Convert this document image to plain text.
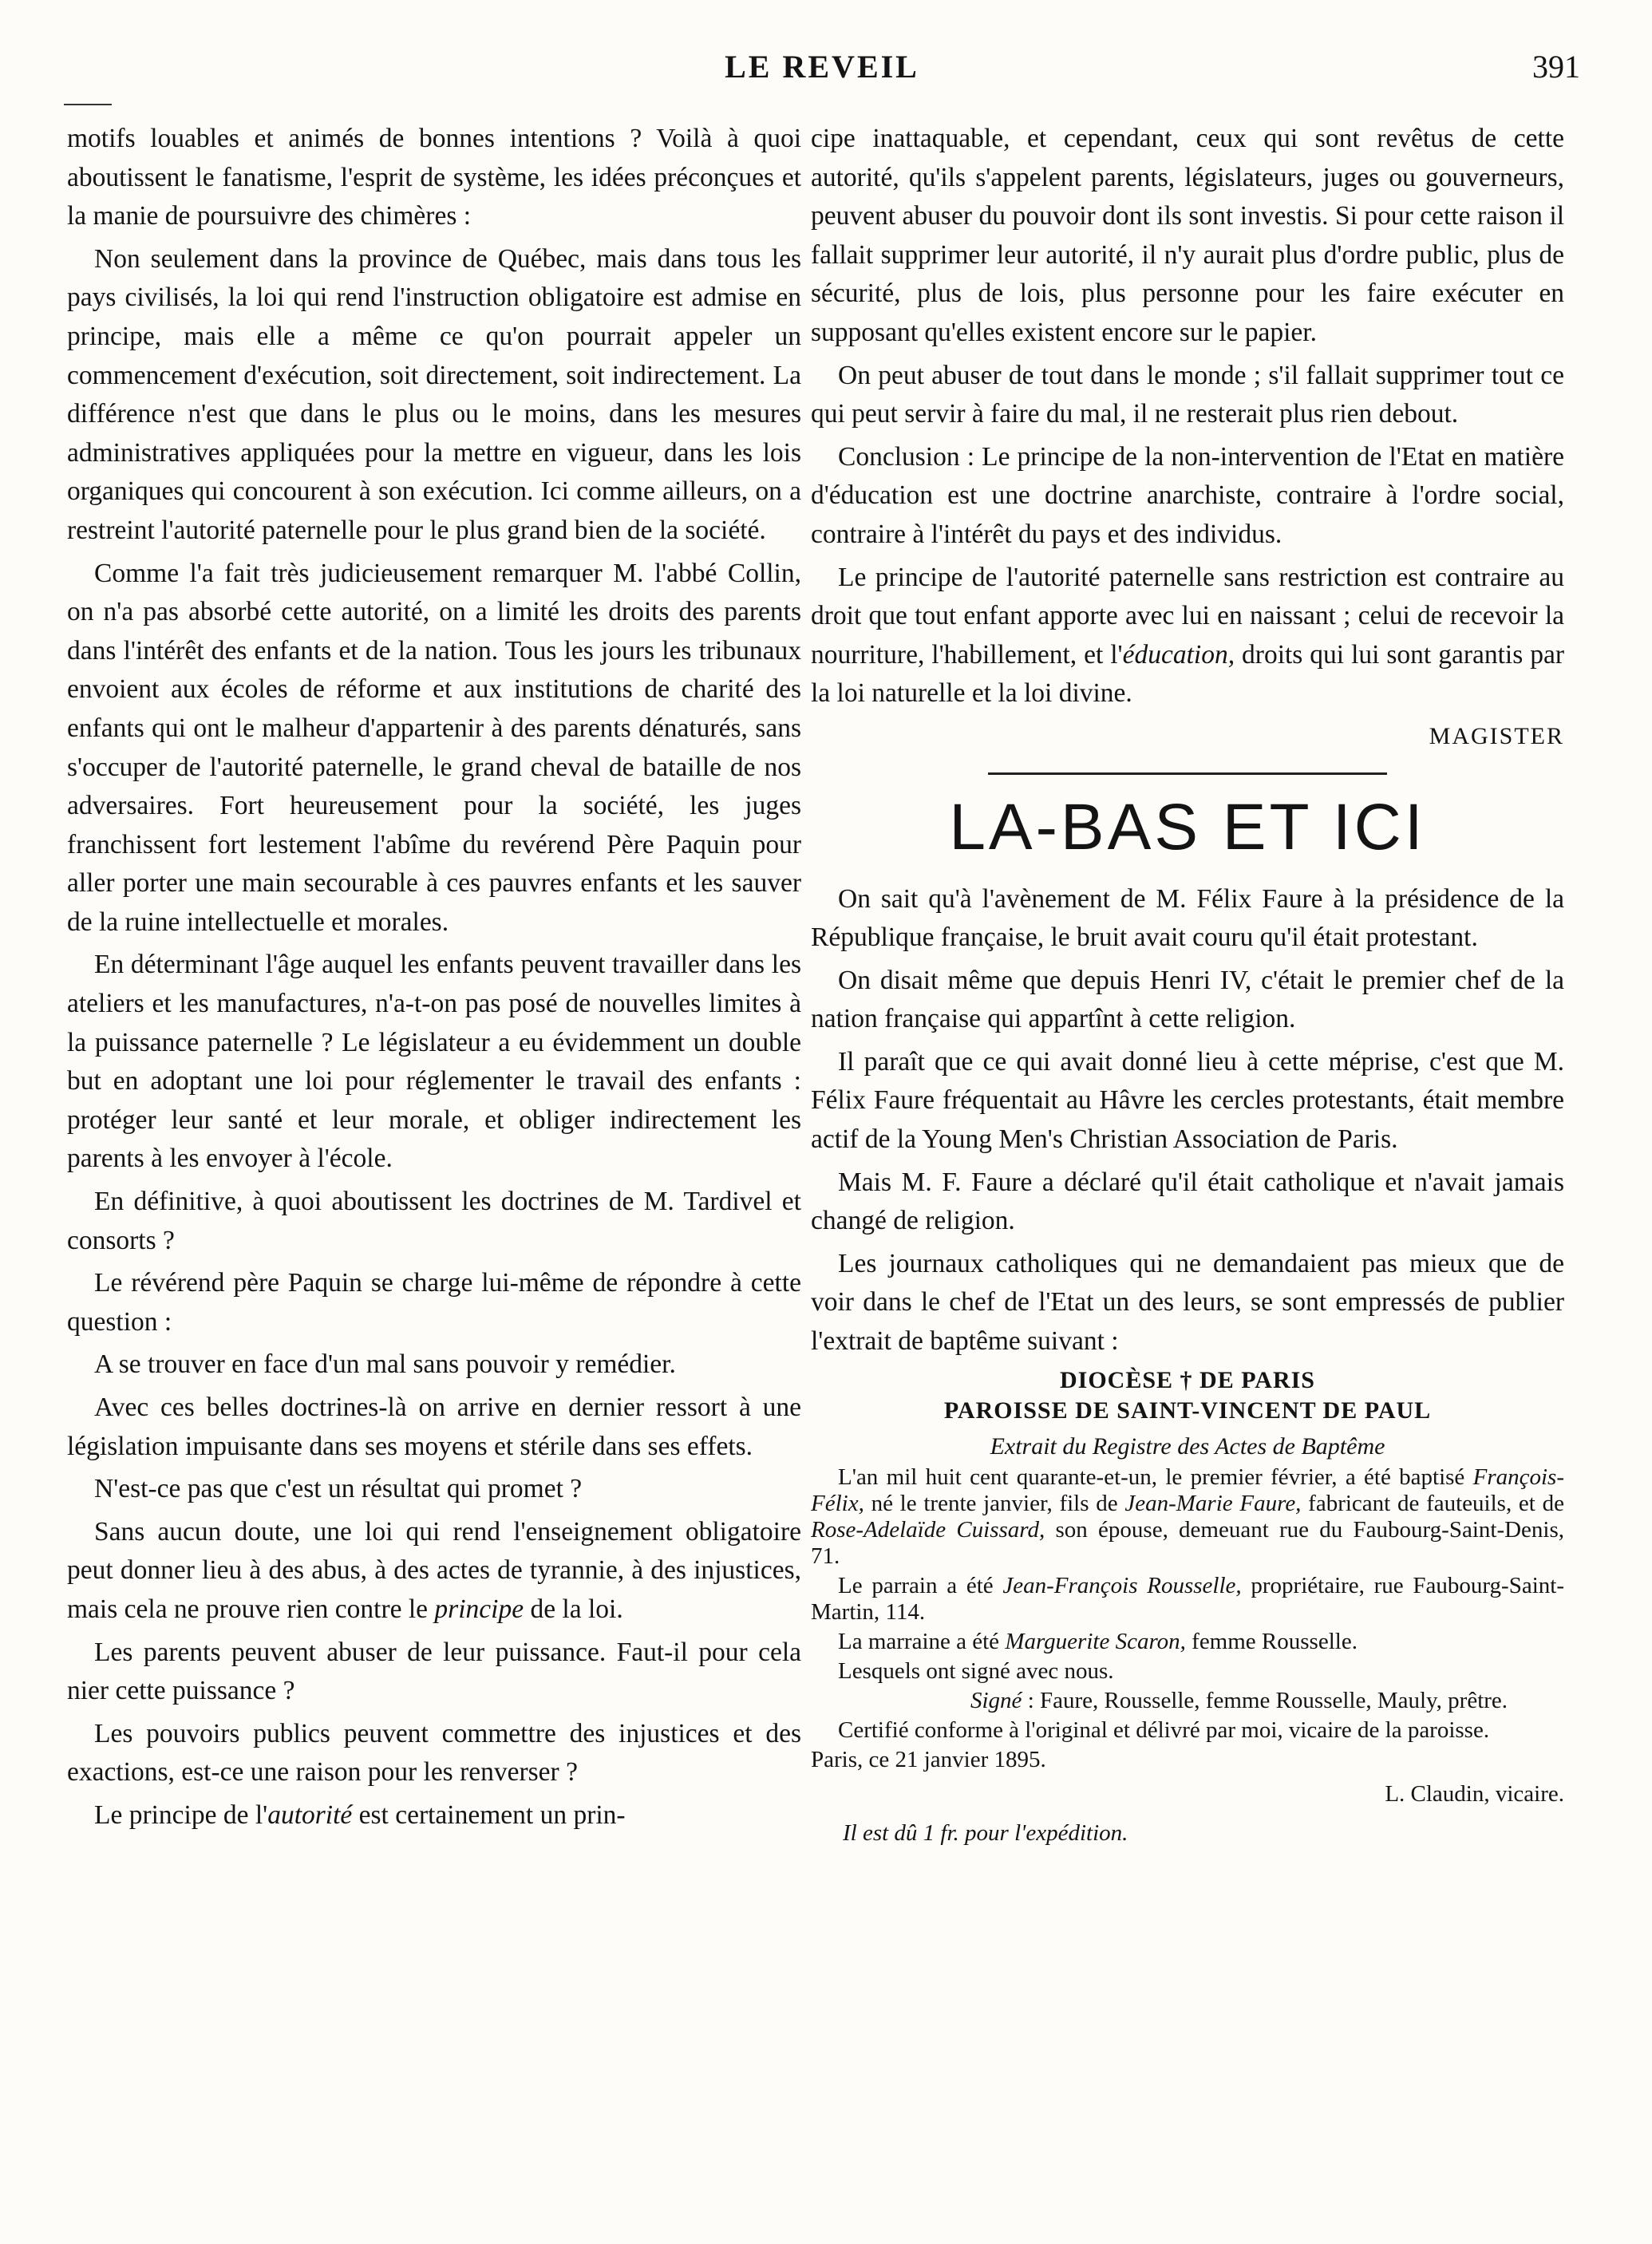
LE REVEIL	391

motifs louables et animés de bonnes intentions ? Voilà à quoi aboutissent le fanatisme, l'esprit de système, les idées préconçues et la manie de poursuivre des chimères :

Non seulement dans la province de Québec, mais dans tous les pays civilisés, la loi qui rend l'instruction obligatoire est admise en principe, mais elle a même ce qu'on pourrait appeler un commencement d'exécution, soit directement, soit indirectement. La différence n'est que dans le plus ou le moins, dans les mesures administratives appliquées pour la mettre en vigueur, dans les lois organiques qui concourent à son exécution. Ici comme ailleurs, on a restreint l'autorité paternelle pour le plus grand bien de la société.

Comme l'a fait très judicieusement remarquer M. l'abbé Collin, on n'a pas absorbé cette autorité, on a limité les droits des parents dans l'intérêt des enfants et de la nation. Tous les jours les tribunaux envoient aux écoles de réforme et aux institutions de charité des enfants qui ont le malheur d'appartenir à des parents dénaturés, sans s'occuper de l'autorité paternelle, le grand cheval de bataille de nos adversaires. Fort heureusement pour la société, les juges franchissent fort lestement l'abîme du revérend Père Paquin pour aller porter une main secourable à ces pauvres enfants et les sauver de la ruine intellectuelle et morales.

En déterminant l'âge auquel les enfants peuvent travailler dans les ateliers et les manufactures, n'a-t-on pas posé de nouvelles limites à la puissance paternelle ? Le législateur a eu évidemment un double but en adoptant une loi pour réglementer le travail des enfants : protéger leur santé et leur morale, et obliger indirectement les parents à les envoyer à l'école.

En définitive, à quoi aboutissent les doctrines de M. Tardivel et consorts ?

Le révérend père Paquin se charge lui-même de répondre à cette question :

A se trouver en face d'un mal sans pouvoir y remédier.

Avec ces belles doctrines-là on arrive en dernier ressort à une législation impuisante dans ses moyens et stérile dans ses effets.

N'est-ce pas que c'est un résultat qui promet ?

Sans aucun doute, une loi qui rend l'enseignement obligatoire peut donner lieu à des abus, à des actes de tyrannie, à des injustices, mais cela ne prouve rien contre le principe de la loi.

Les parents peuvent abuser de leur puissance. Faut-il pour cela nier cette puissance ?

Les pouvoirs publics peuvent commettre des injustices et des exactions, est-ce une raison pour les renverser ?

Le principe de l'autorité est certainement un prin-

cipe inattaquable, et cependant, ceux qui sont revêtus de cette autorité, qu'ils s'appelent parents, législateurs, juges ou gouverneurs, peuvent abuser du pouvoir dont ils sont investis. Si pour cette raison il fallait supprimer leur autorité, il n'y aurait plus d'ordre public, plus de sécurité, plus de lois, plus personne pour les faire exécuter en supposant qu'elles existent encore sur le papier.

On peut abuser de tout dans le monde ; s'il fallait supprimer tout ce qui peut servir à faire du mal, il ne resterait plus rien debout.

Conclusion : Le principe de la non-intervention de l'Etat en matière d'éducation est une doctrine anarchiste, contraire à l'ordre social, contraire à l'intérêt du pays et des individus.

Le principe de l'autorité paternelle sans restriction est contraire au droit que tout enfant apporte avec lui en naissant ; celui de recevoir la nourriture, l'habillement, et l'éducation, droits qui lui sont garantis par la loi naturelle et la loi divine.

MAGISTER
LA-BAS ET ICI

On sait qu'à l'avènement de M. Félix Faure à la présidence de la République française, le bruit avait couru qu'il était protestant.

On disait même que depuis Henri IV, c'était le premier chef de la nation française qui appartînt à cette religion.

Il paraît que ce qui avait donné lieu à cette méprise, c'est que M. Félix Faure fréquentait au Hâvre les cercles protestants, était membre actif de la Young Men's Christian Association de Paris.

Mais M. F. Faure a déclaré qu'il était catholique et n'avait jamais changé de religion.

Les journaux catholiques qui ne demandaient pas mieux que de voir dans le chef de l'Etat un des leurs, se sont empressés de publier l'extrait de baptême suivant :

DIOCÈSE † DE PARIS
PAROISSE DE SAINT-VINCENT DE PAUL
Extrait du Registre des Actes de Baptême

L'an mil huit cent quarante-et-un, le premier février, a été baptisé François-Félix, né le trente janvier, fils de Jean-Marie Faure, fabricant de fauteuils, et de Rose-Adelaïde Cuissard, son épouse, demeuant rue du Faubourg-Saint-Denis, 71.

Le parrain a été Jean-François Rousselle, propriétaire, rue Faubourg-Saint-Martin, 114.

La marraine a été Marguerite Scaron, femme Rousselle.

Lesquels ont signé avec nous.

Signé : Faure, Rousselle, femme Rousselle, Mauly, prêtre.

Certifié conforme à l'original et délivré par moi, vicaire de la paroisse.

Paris, ce 21 janvier 1895.

L. Claudin, vicaire.

Il est dû 1 fr. pour l'expédition.
